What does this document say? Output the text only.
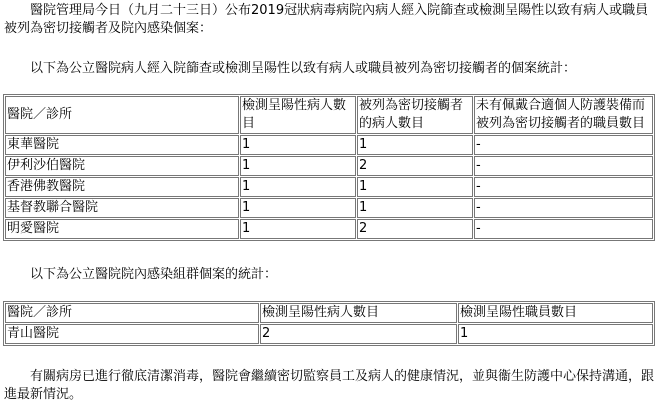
醫院管理局今日（九月二十三日）公布2019冠狀病毒病院內病人經入院篩查或檢測呈陽性以致有病人或職員被列為密切接觸者及院內感染個案：

以下為公立醫院病人經入院篩查或檢測呈陽性以致有病人或職員被列為密切接觸者的個案統計：

醫院／診所	檢測呈陽性病人數目	被列為密切接觸者的病人數目	未有佩戴合適個人防護裝備而被列為密切接觸者的職員數目
東華醫院	1	1	-
伊利沙伯醫院	1	2	-
香港佛教醫院	1	1	-
基督教聯合醫院	1	1	-
明愛醫院	1	2	-

以下為公立醫院院內感染組群個案的統計：

醫院／診所	檢測呈陽性病人數目	檢測呈陽性職員數目
青山醫院	2	1

有關病房已進行徹底清潔消毒，醫院會繼續密切監察員工及病人的健康情況，並與衞生防護中心保持溝通，跟進最新情況。
